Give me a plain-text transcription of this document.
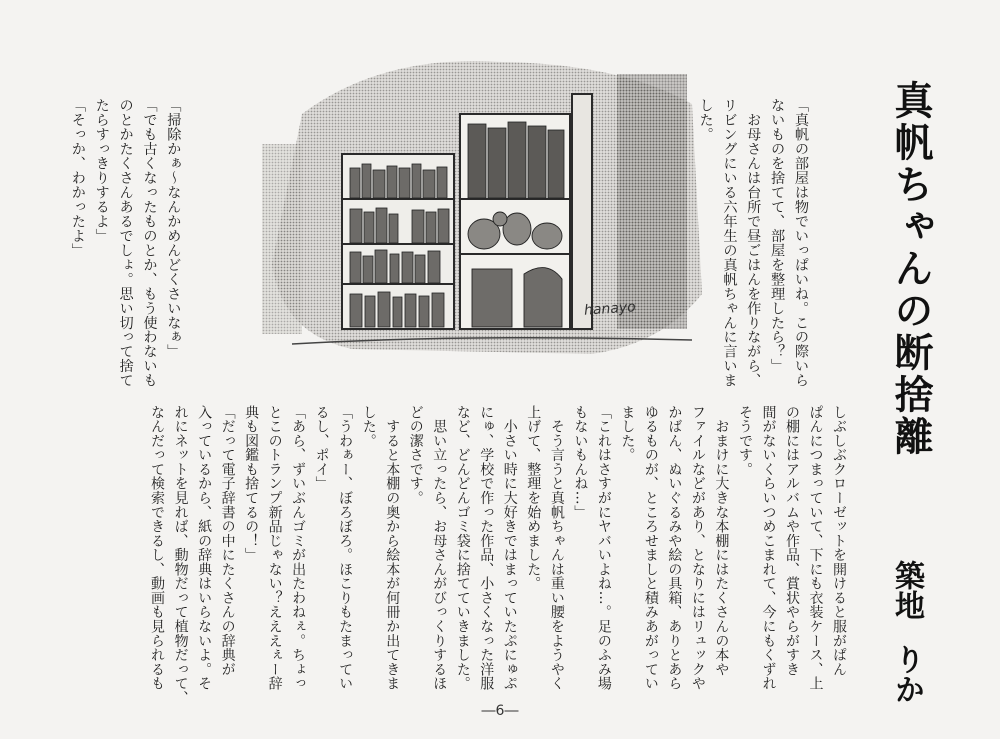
真帆ちゃんの断捨離
築地りか
「真帆の部屋は物でいっぱいね。この際いら
ないものを捨てて、部屋を整理したら？」
　お母さんは台所で昼ごはんを作りながら、
リビングにいる六年生の真帆ちゃんに言いま
した。
hanayo
「掃除かぁ～なんかめんどくさいなぁ」
「でも古くなったものとか、もう使わないも
のとかたくさんあるでしょ。思い切って捨て
たらすっきりするよ」
「そっか、わかったよ」
しぶしぶクローゼットを開けると服がぱん
ぱんにつまっていて、下にも衣装ケース、上
の棚にはアルバムや作品、賞状やらがすき
間がないくらいつめこまれて、今にもくずれ
そうです。
　おまけに大きな本棚にはたくさんの本や
ファイルなどがあり、となりにはリュックや
かばん、ぬいぐるみや絵の具箱、ありとあら
ゆるものが、ところせましと積みあがってい
ました。
「これはさすがにヤバいよね…。足のふみ場
もないもんね…」
　そう言うと真帆ちゃんは重い腰をようやく
上げて、整理を始めました。
　小さい時に大好きではまっていたぷにゅぷ
にゅ、学校で作った作品、小さくなった洋服
など、どんどんゴミ袋に捨てていきました。
　思い立ったら、お母さんがびっくりするほ
どの潔さです。
　すると本棚の奥から絵本が何冊か出てきま
した。
「うわぁー、ぼろぼろ。ほこりもたまってい
るし、ポイ」
「あら、ずいぶんゴミが出たわねぇ。ちょっ
とこのトランプ新品じゃない？えええぇー辞
典も図鑑も捨てるの！」
「だって電子辞書の中にたくさんの辞典が
入っているから、紙の辞典はいらないよ。そ
れにネットを見れば、動物だって植物だって、
なんだって検索できるし、動画も見られるも
―6―
